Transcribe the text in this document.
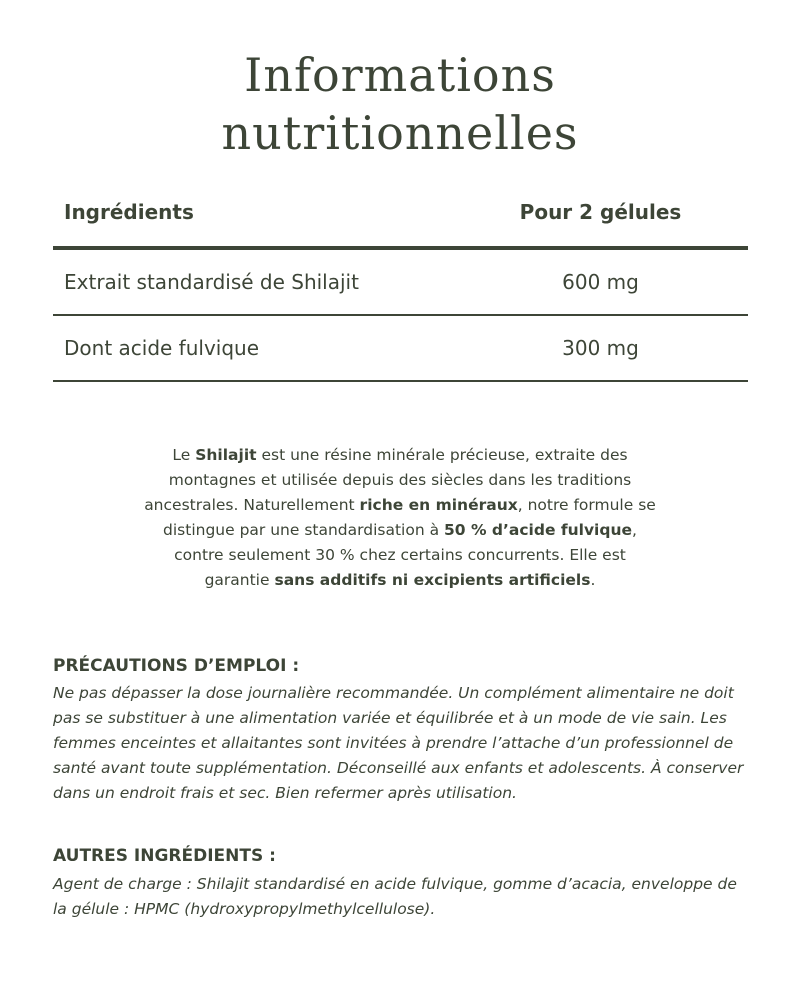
Informations
nutritionnelles
Ingrédients	Pour 2 gélules
Extrait standardisé de Shilajit	600 mg
Dont acide fulvique	300 mg
Le Shilajit est une résine minérale précieuse, extraite des montagnes et utilisée depuis des siècles dans les traditions ancestrales. Naturellement riche en minéraux, notre formule se distingue par une standardisation à 50 % d’acide fulvique, contre seulement 30 % chez certains concurrents. Elle est garantie sans additifs ni excipients artificiels.
PRÉCAUTIONS D’EMPLOI :
Ne pas dépasser la dose journalière recommandée. Un complément alimentaire ne doit pas se substituer à une alimentation variée et équilibrée et à un mode de vie sain. Les femmes enceintes et allaitantes sont invitées à prendre l’attache d’un professionnel de santé avant toute supplémentation. Déconseillé aux enfants et adolescents. À conserver dans un endroit frais et sec. Bien refermer après utilisation.
AUTRES INGRÉDIENTS :
Agent de charge : Shilajit standardisé en acide fulvique, gomme d’acacia, enveloppe de la gélule : HPMC (hydroxypropylmethylcellulose).
